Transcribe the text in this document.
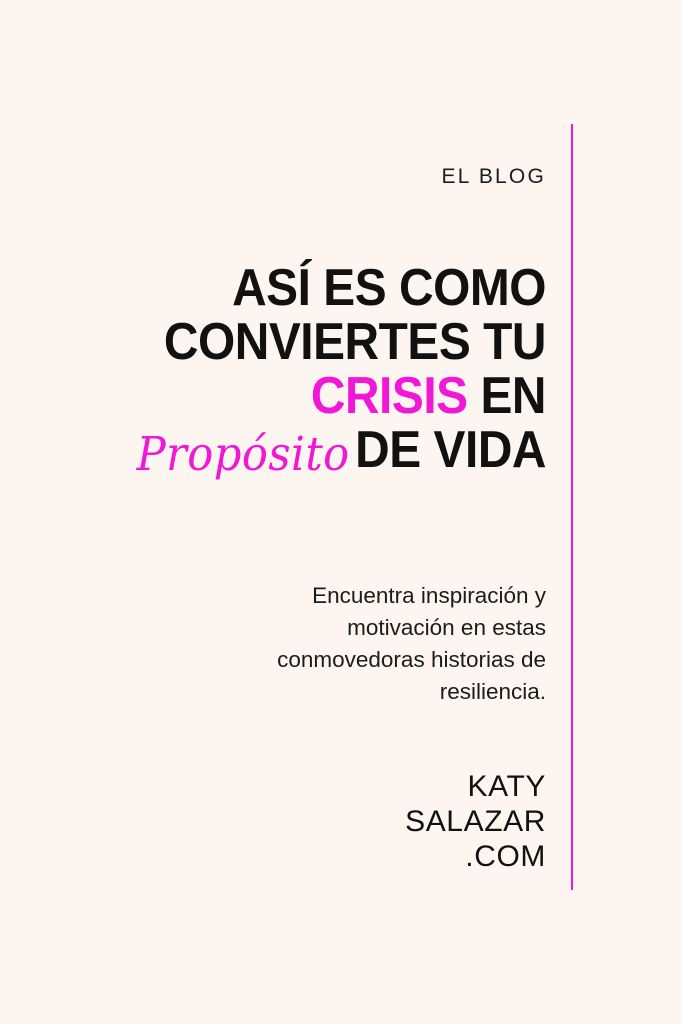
EL BLOG
ASÍ ES COMO
CONVIERTES TU
CRISIS EN
Propósito DE VIDA
Encuentra inspiración y
motivación en estas
conmovedoras historias de
resiliencia.
KATY
SALAZAR
.COM
